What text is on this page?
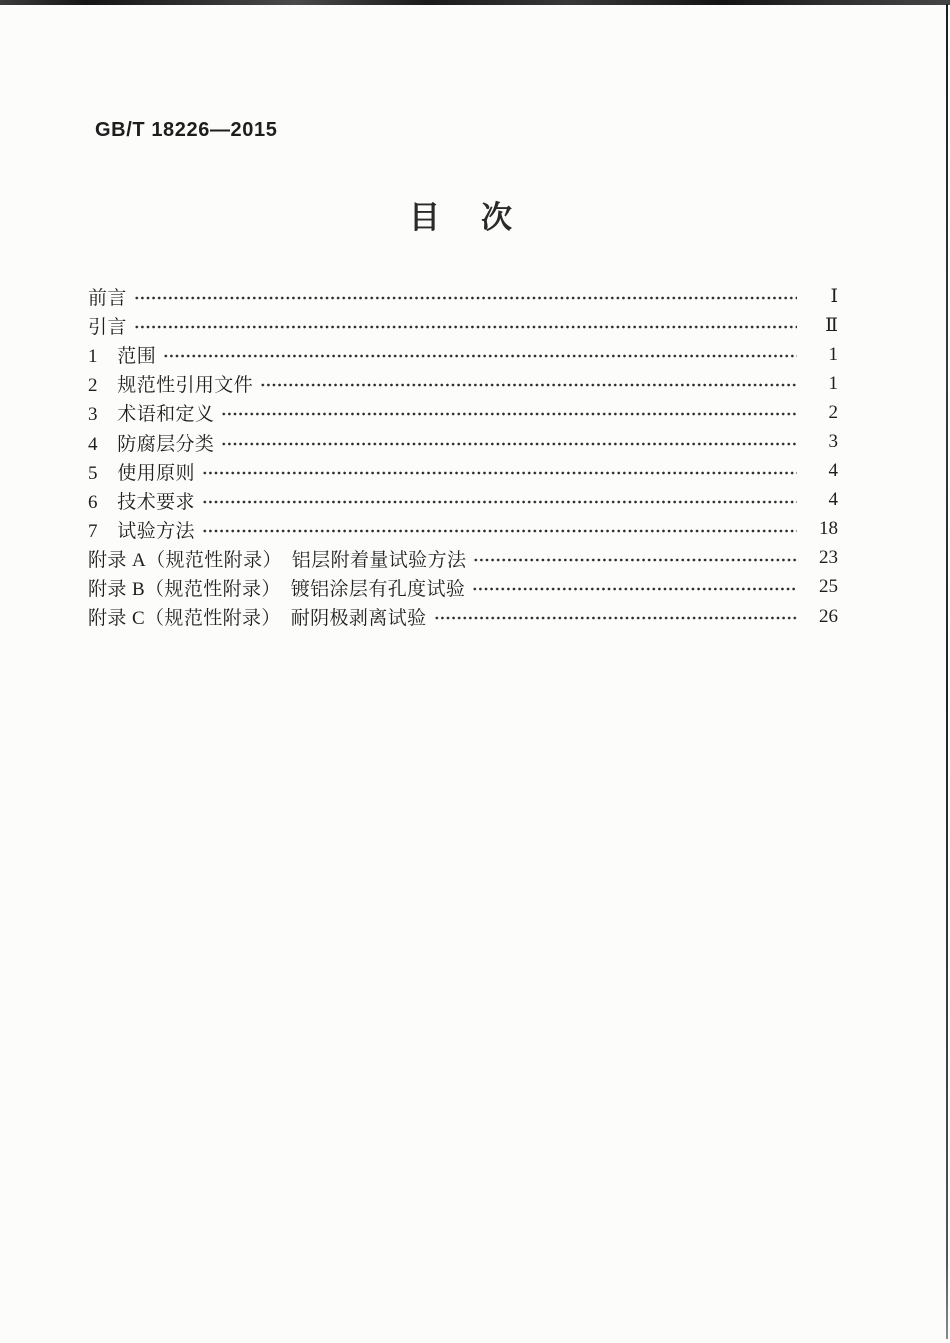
GB/T 18226—2015
目　次
前言	Ⅰ
引言	Ⅱ
1　范围	1
2　规范性引用文件	1
3　术语和定义	2
4　防腐层分类	3
5　使用原则	4
6　技术要求	4
7　试验方法	18
附录 A（规范性附录）　铝层附着量试验方法	23
附录 B（规范性附录）　镀铝涂层有孔度试验	25
附录 C（规范性附录）　耐阴极剥离试验	26
